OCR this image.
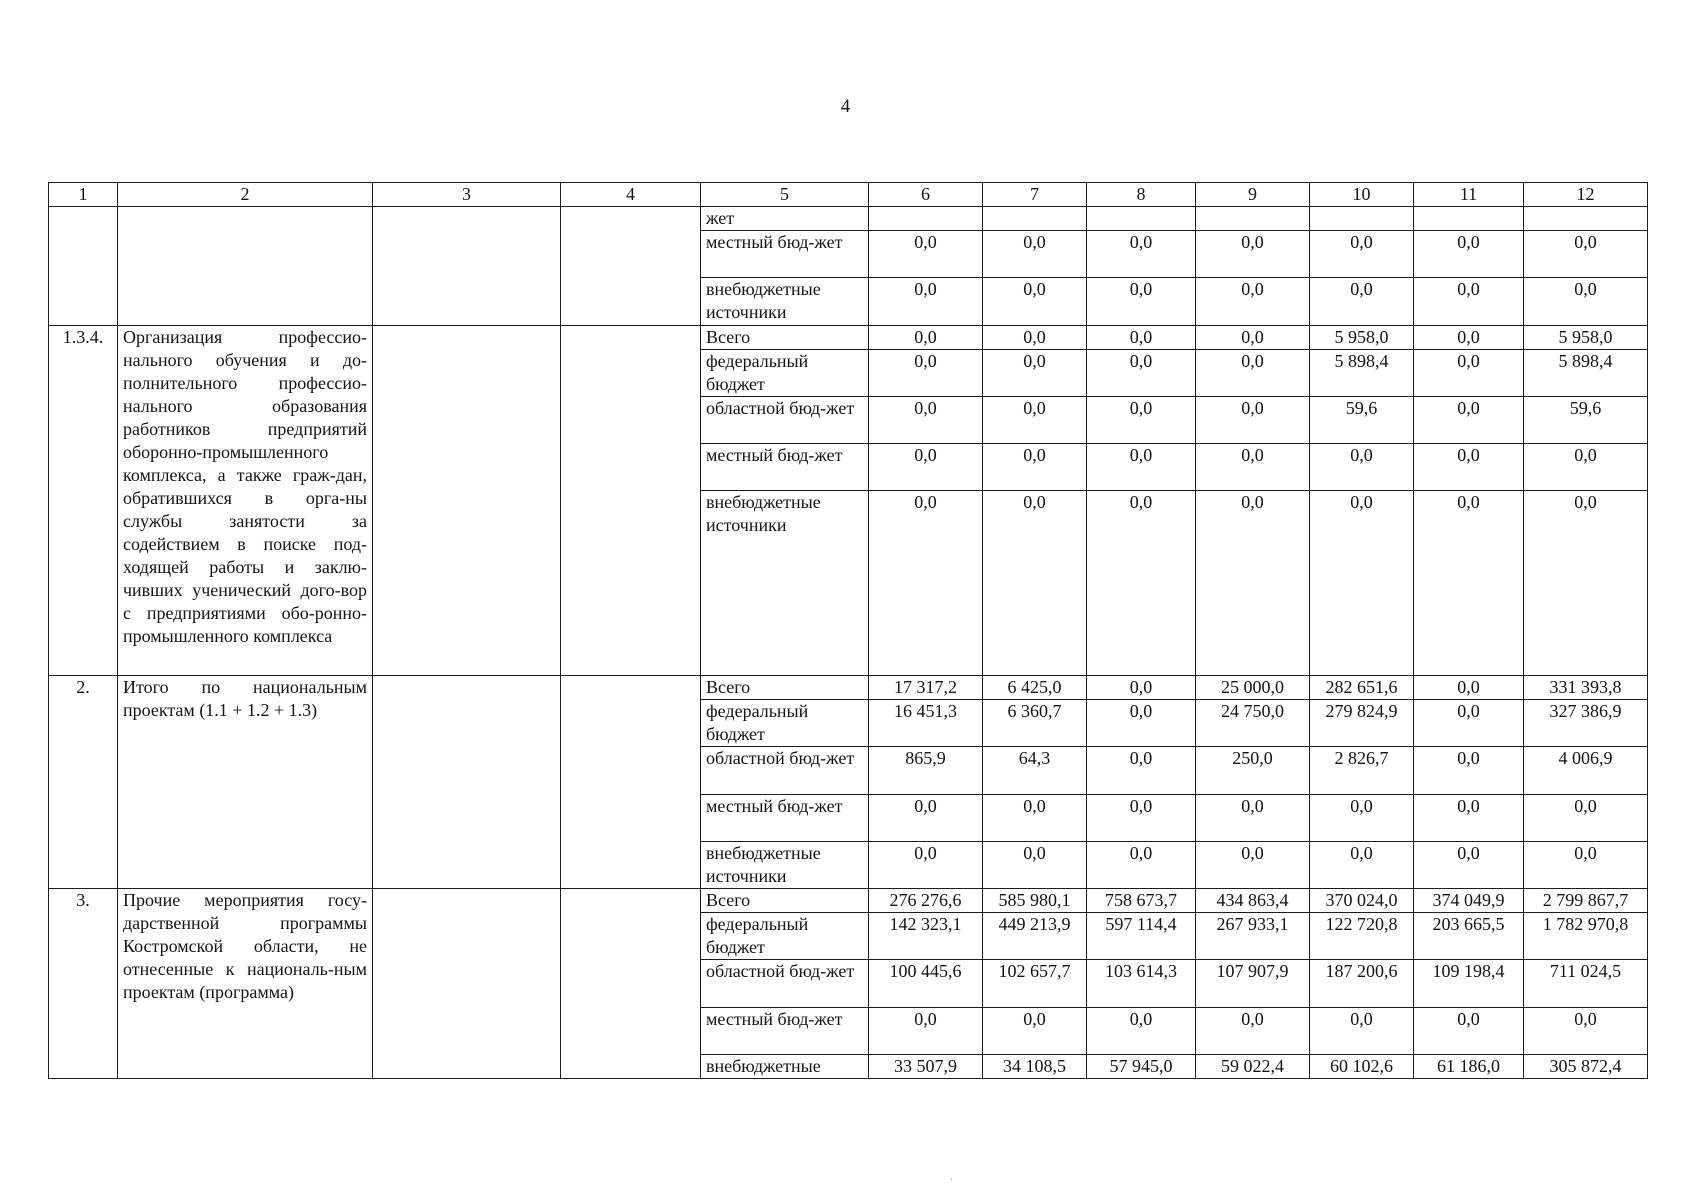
4
1	2	3	4	5	6	7	8	9	10	11	12
				жет							
				местный бюд-жет	0,0	0,0	0,0	0,0	0,0	0,0	0,0
				внебюджетные источники	0,0	0,0	0,0	0,0	0,0	0,0	0,0
1.3.4.	Организация профессио-нального обучения и до-полнительного профессио-нального образования работников предприятий оборонно-промышленного комплекса, а также граж-дан, обратившихся в орга-ны службы занятости за содействием в поиске под-ходящей работы и заклю-чивших ученический дого-вор с предприятиями обо-ронно-промышленного комплекса			Всего	0,0	0,0	0,0	0,0	5 958,0	0,0	5 958,0
				федеральный бюджет	0,0	0,0	0,0	0,0	5 898,4	0,0	5 898,4
				областной бюд-жет	0,0	0,0	0,0	0,0	59,6	0,0	59,6
				местный бюд-жет	0,0	0,0	0,0	0,0	0,0	0,0	0,0
				внебюджетные источники	0,0	0,0	0,0	0,0	0,0	0,0	0,0
2.	Итого по национальным проектам (1.1 + 1.2 + 1.3)			Всего	17 317,2	6 425,0	0,0	25 000,0	282 651,6	0,0	331 393,8
				федеральный бюджет	16 451,3	6 360,7	0,0	24 750,0	279 824,9	0,0	327 386,9
				областной бюд-жет	865,9	64,3	0,0	250,0	2 826,7	0,0	4 006,9
				местный бюд-жет	0,0	0,0	0,0	0,0	0,0	0,0	0,0
				внебюджетные источники	0,0	0,0	0,0	0,0	0,0	0,0	0,0
3.	Прочие мероприятия госу-дарственной программы Костромской области, не отнесенные к националь-ным проектам (программа)			Всего	276 276,6	585 980,1	758 673,7	434 863,4	370 024,0	374 049,9	2 799 867,7
				федеральный бюджет	142 323,1	449 213,9	597 114,4	267 933,1	122 720,8	203 665,5	1 782 970,8
				областной бюд-жет	100 445,6	102 657,7	103 614,3	107 907,9	187 200,6	109 198,4	711 024,5
				местный бюд-жет	0,0	0,0	0,0	0,0	0,0	0,0	0,0
				внебюджетные	33 507,9	34 108,5	57 945,0	59 022,4	60 102,6	61 186,0	305 872,4
.
